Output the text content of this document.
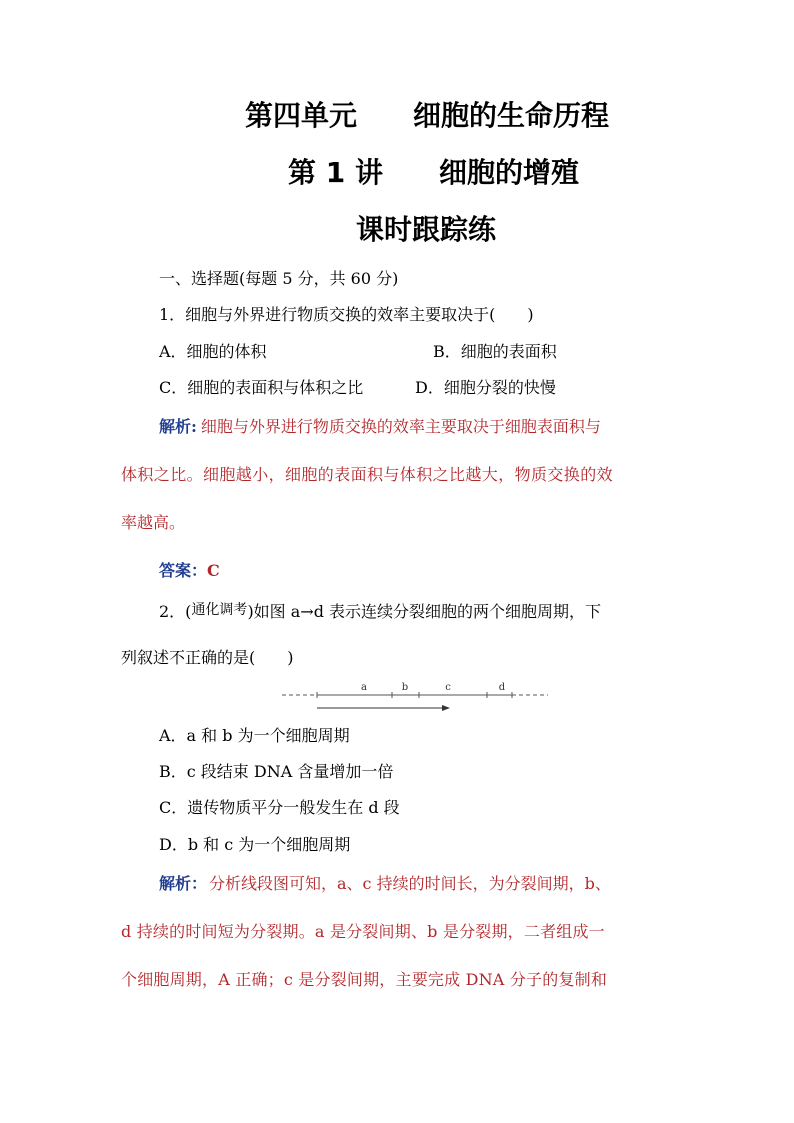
第四单元　　细胞的生命历程
第 1 讲　　细胞的增殖
课时跟踪练
一、选择题(每题 5 分，共 60 分)
1．细胞与外界进行物质交换的效率主要取决于(　　)
A．细胞的体积	B．细胞的表面积
C．细胞的表面积与体积之比	D．细胞分裂的快慢
解析: 细胞与外界进行物质交换的效率主要取决于细胞表面积与
体积之比。细胞越小，细胞的表面积与体积之比越大，物质交换的效
率越高。
答案：C
2．(通化调考)如图 a→d 表示连续分裂细胞的两个细胞周期，下
列叙述不正确的是(　　)
a	b	c	d
A．a 和 b 为一个细胞周期
B．c 段结束 DNA 含量增加一倍
C．遗传物质平分一般发生在 d 段
D．b 和 c 为一个细胞周期
解析： 分析线段图可知，a、c 持续的时间长，为分裂间期，b、
d 持续的时间短为分裂期。a 是分裂间期、b 是分裂期，二者组成一
个细胞周期，A 正确；c 是分裂间期，主要完成 DNA 分子的复制和
